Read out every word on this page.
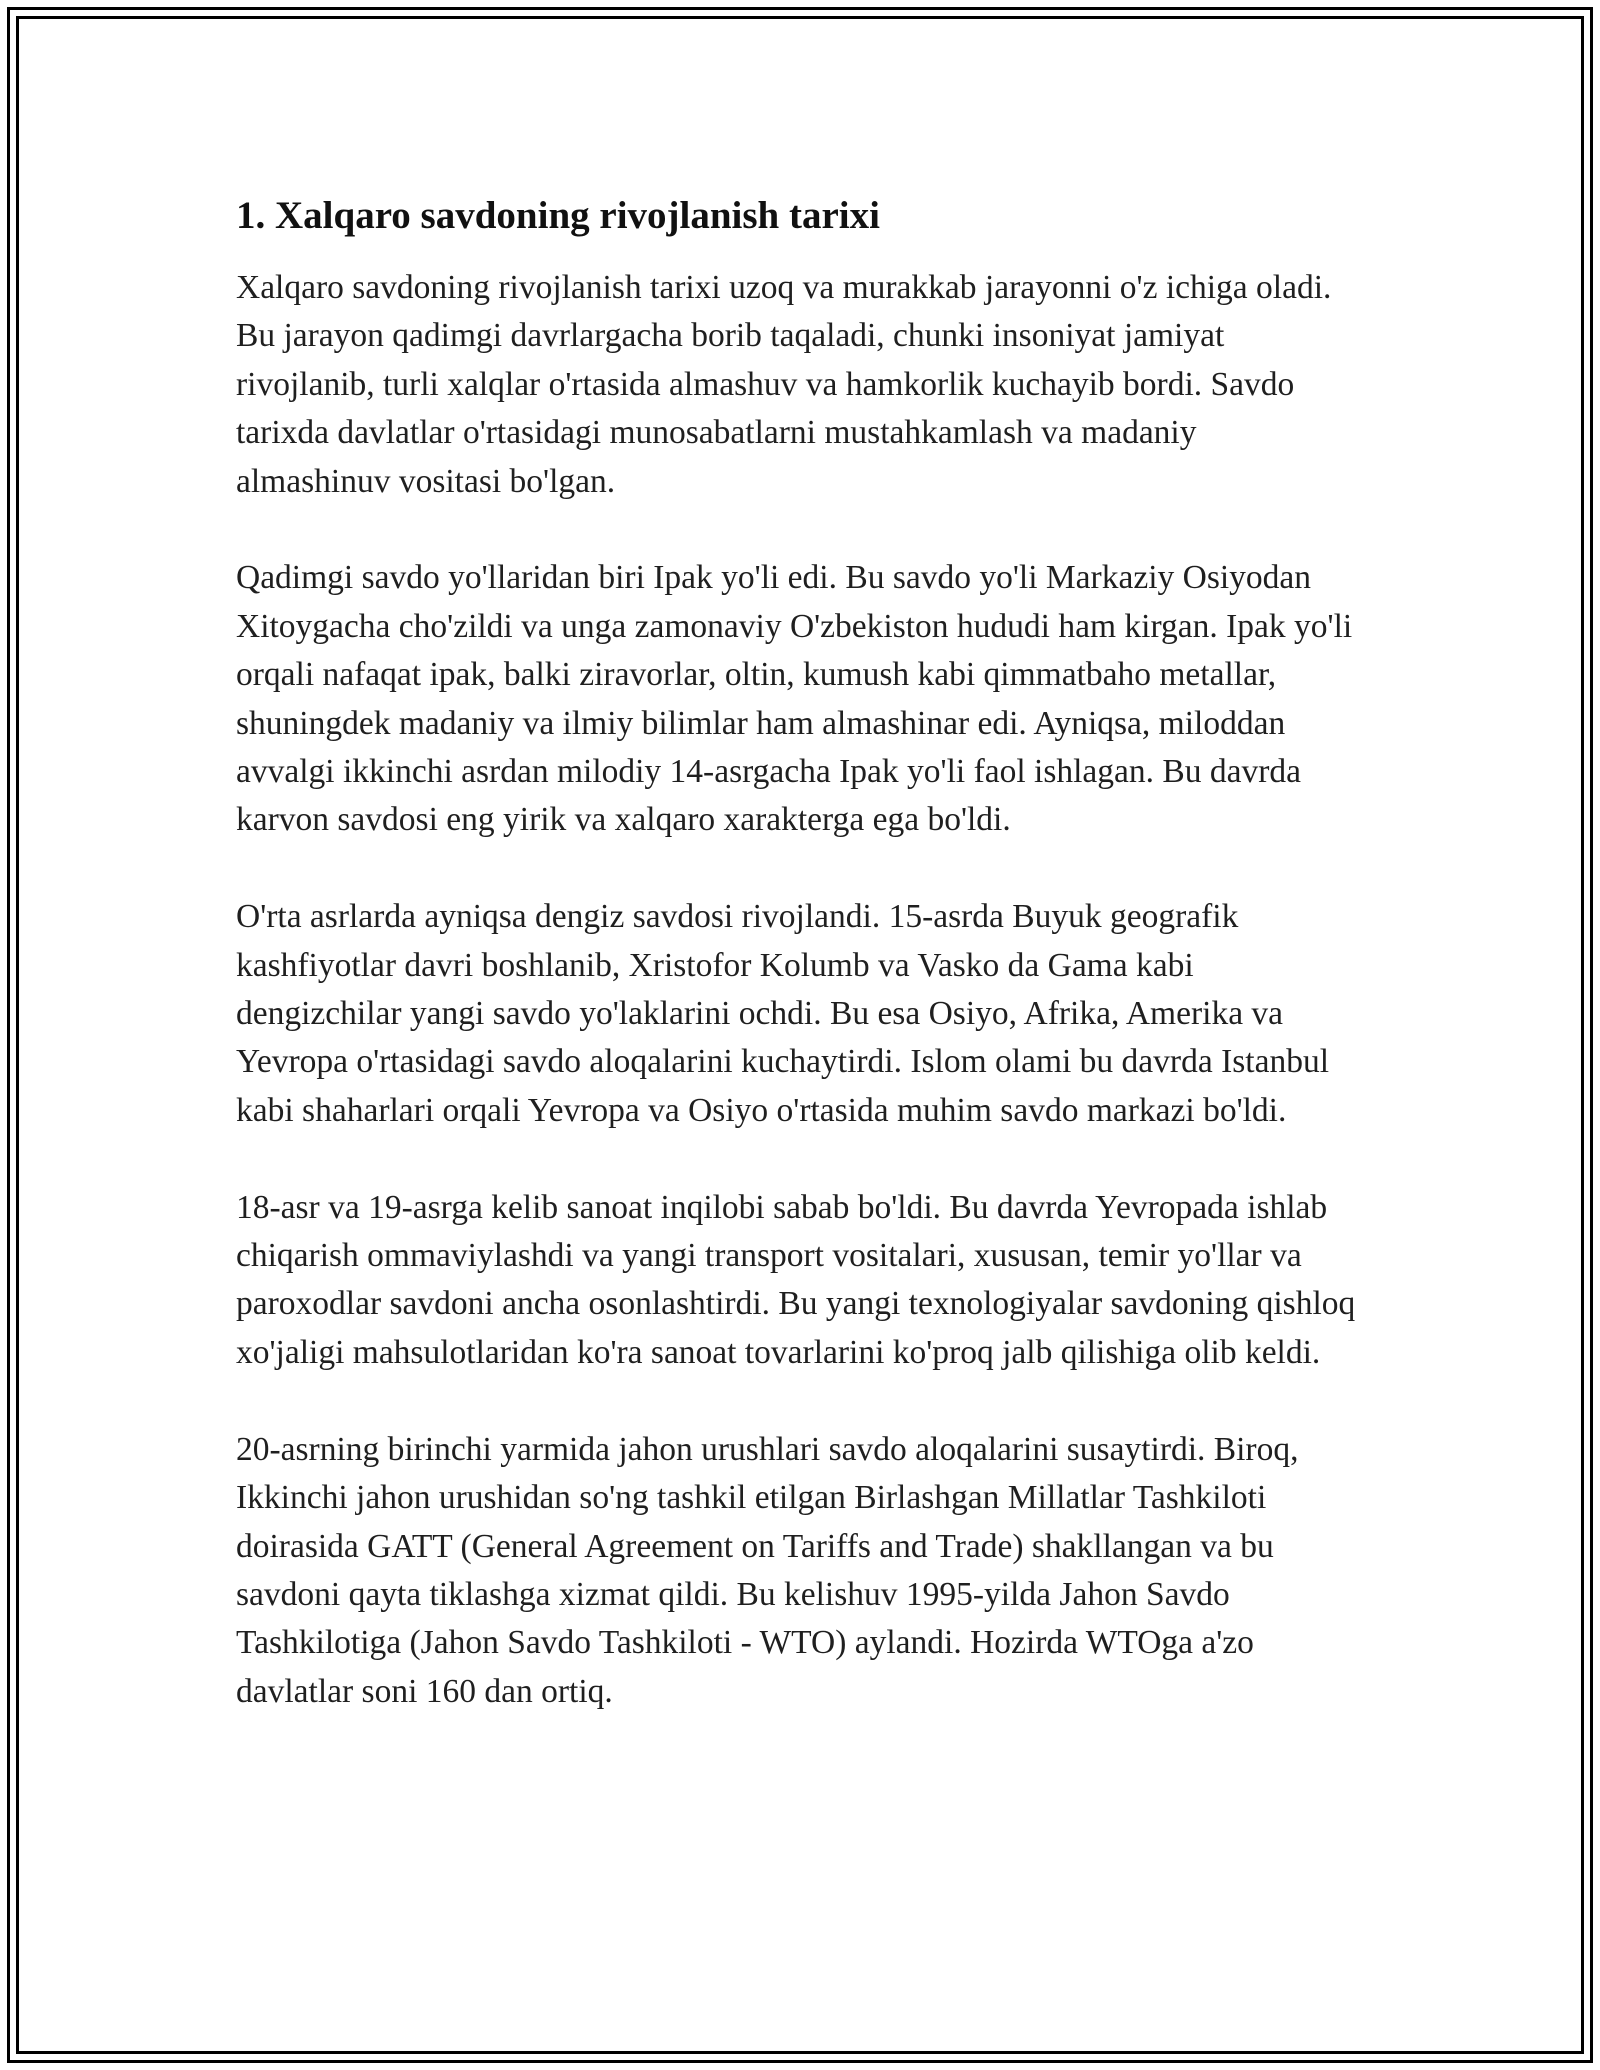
1. Xalqaro savdoning rivojlanish tarixi

Xalqaro savdoning rivojlanish tarixi uzoq va murakkab jarayonni o'z ichiga oladi. Bu jarayon qadimgi davrlargacha borib taqaladi, chunki insoniyat jamiyat rivojlanib, turli xalqlar o'rtasida almashuv va hamkorlik kuchayib bordi. Savdo tarixda davlatlar o'rtasidagi munosabatlarni mustahkamlash va madaniy almashinuv vositasi bo'lgan.

Qadimgi savdo yo'llaridan biri Ipak yo'li edi. Bu savdo yo'li Markaziy Osiyodan Xitoygacha cho'zildi va unga zamonaviy O'zbekiston hududi ham kirgan. Ipak yo'li orqali nafaqat ipak, balki ziravorlar, oltin, kumush kabi qimmatbaho metallar, shuningdek madaniy va ilmiy bilimlar ham almashinar edi. Ayniqsa, miloddan avvalgi ikkinchi asrdan milodiy 14-asrgacha Ipak yo'li faol ishlagan. Bu davrda karvon savdosi eng yirik va xalqaro xarakterga ega bo'ldi.

O'rta asrlarda ayniqsa dengiz savdosi rivojlandi. 15-asrda Buyuk geografik kashfiyotlar davri boshlanib, Xristofor Kolumb va Vasko da Gama kabi dengizchilar yangi savdo yo'laklarini ochdi. Bu esa Osiyo, Afrika, Amerika va Yevropa o'rtasidagi savdo aloqalarini kuchaytirdi. Islom olami bu davrda Istanbul kabi shaharlari orqali Yevropa va Osiyo o'rtasida muhim savdo markazi bo'ldi.

18-asr va 19-asrga kelib sanoat inqilobi sabab bo'ldi. Bu davrda Yevropada ishlab chiqarish ommaviylashdi va yangi transport vositalari, xususan, temir yo'llar va paroxodlar savdoni ancha osonlashtirdi. Bu yangi texnologiyalar savdoning qishloq xo'jaligi mahsulotlaridan ko'ra sanoat tovarlarini ko'proq jalb qilishiga olib keldi.

20-asrning birinchi yarmida jahon urushlari savdo aloqalarini susaytirdi. Biroq, Ikkinchi jahon urushidan so'ng tashkil etilgan Birlashgan Millatlar Tashkiloti doirasida GATT (General Agreement on Tariffs and Trade) shakllangan va bu savdoni qayta tiklashga xizmat qildi. Bu kelishuv 1995-yilda Jahon Savdo Tashkilotiga (Jahon Savdo Tashkiloti - WTO) aylandi. Hozirda WTOga a'zo davlatlar soni 160 dan ortiq.
